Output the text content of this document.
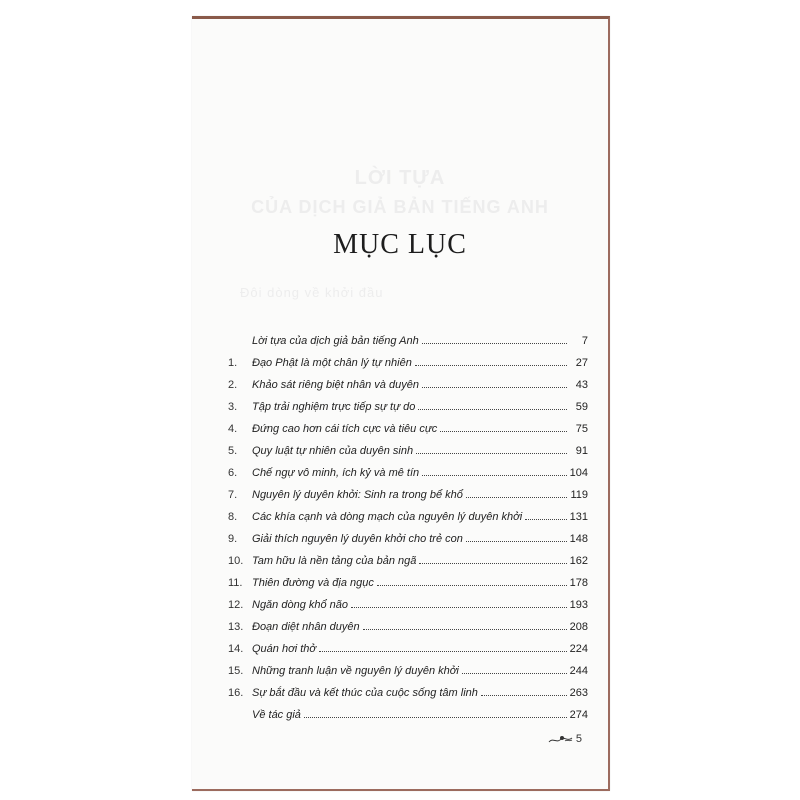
LỜI TỰA
CỦA DỊCH GIẢ BẢN TIẾNG ANH
Đôi dòng về khởi đầu
MỤC LỤC
Lời tựa của dịch giả bản tiếng Anh	7
1.	Đạo Phật là một chân lý tự nhiên	27
2.	Khảo sát riêng biệt nhân và duyên	43
3.	Tập trải nghiệm trực tiếp sự tự do	59
4.	Đứng cao hơn cái tích cực và tiêu cực	75
5.	Quy luật tự nhiên của duyên sinh	91
6.	Chế ngự vô minh, ích kỷ và mê tín	104
7.	Nguyên lý duyên khởi: Sinh ra trong bể khổ	119
8.	Các khía cạnh và dòng mạch của nguyên lý duyên khởi	131
9.	Giải thích nguyên lý duyên khởi cho trẻ con	148
10. Tam hữu là nền tảng của bản ngã	162
11. Thiên đường và địa ngục	178
12. Ngăn dòng khổ não	193
13. Đoạn diệt nhân duyên	208
14. Quán hơi thở	224
15. Những tranh luận về nguyên lý duyên khởi	244
16. Sự bắt đầu và kết thúc của cuộc sống tâm linh	263
Về tác giả	274
5
